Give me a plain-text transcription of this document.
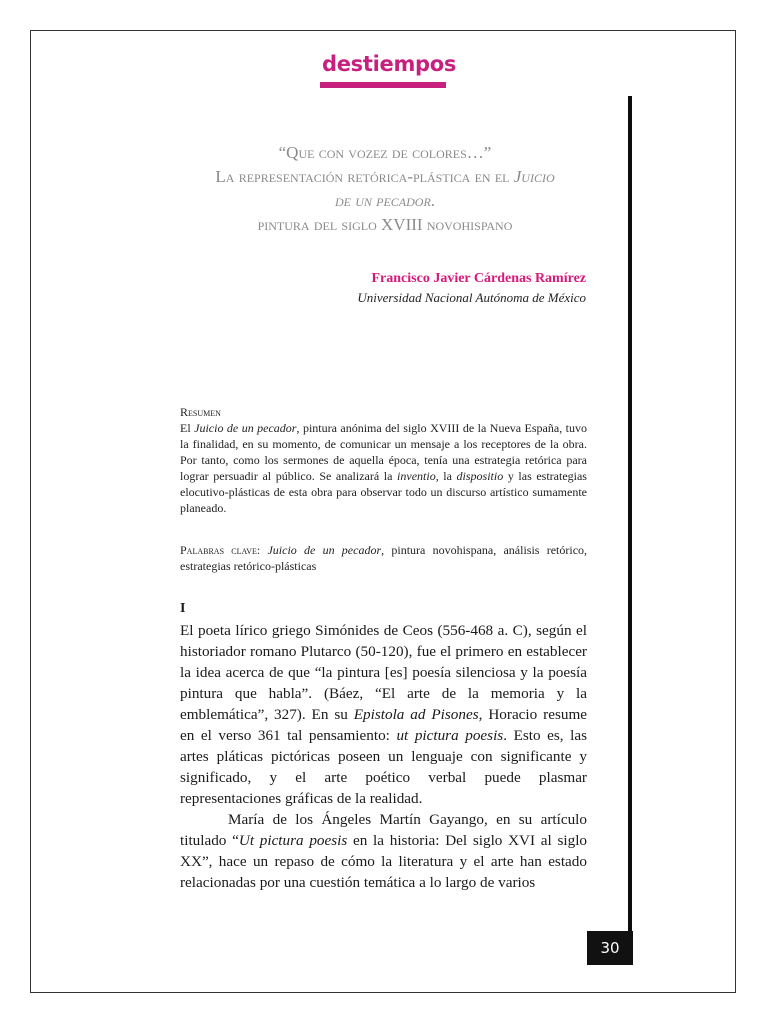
destiempos
“Que con vozez de colores…”
La representación retórica-plástica en el Juicio
de un pecador.
pintura del siglo XVIII novohispano
Francisco Javier Cárdenas Ramírez
Universidad Nacional Autónoma de México
Resumen
El Juicio de un pecador, pintura anónima del siglo XVIII de la Nueva España, tuvo la finalidad, en su momento, de comunicar un mensaje a los receptores de la obra. Por tanto, como los sermones de aquella época, tenía una estrategia retórica para lograr persuadir al público. Se analizará la inventio, la dispositio y las estrategias elocutivo-plásticas de esta obra para observar todo un discurso artístico sumamente planeado.
Palabras clave: Juicio de un pecador, pintura novohispana, análisis retórico, estrategias retórico-plásticas
I

El poeta lírico griego Simónides de Ceos (556-468 a. C), según el historiador romano Plutarco (50-120), fue el primero en establecer la idea acerca de que “la pintura [es] poesía silenciosa y la poesía pintura que habla”. (Báez, “El arte de la memoria y la emblemática”, 327). En su Epistola ad Pisones, Horacio resume en el verso 361 tal pensamiento: ut pictura poesis. Esto es, las artes pláticas pictóricas poseen un lenguaje con significante y significado, y el arte poético verbal puede plasmar representaciones gráficas de la realidad.

María de los Ángeles Martín Gayango, en su artículo titulado “Ut pictura poesis en la historia: Del siglo XVI al siglo XX”, hace un repaso de cómo la literatura y el arte han estado relacionadas por una cuestión temática a lo largo de varios

30
